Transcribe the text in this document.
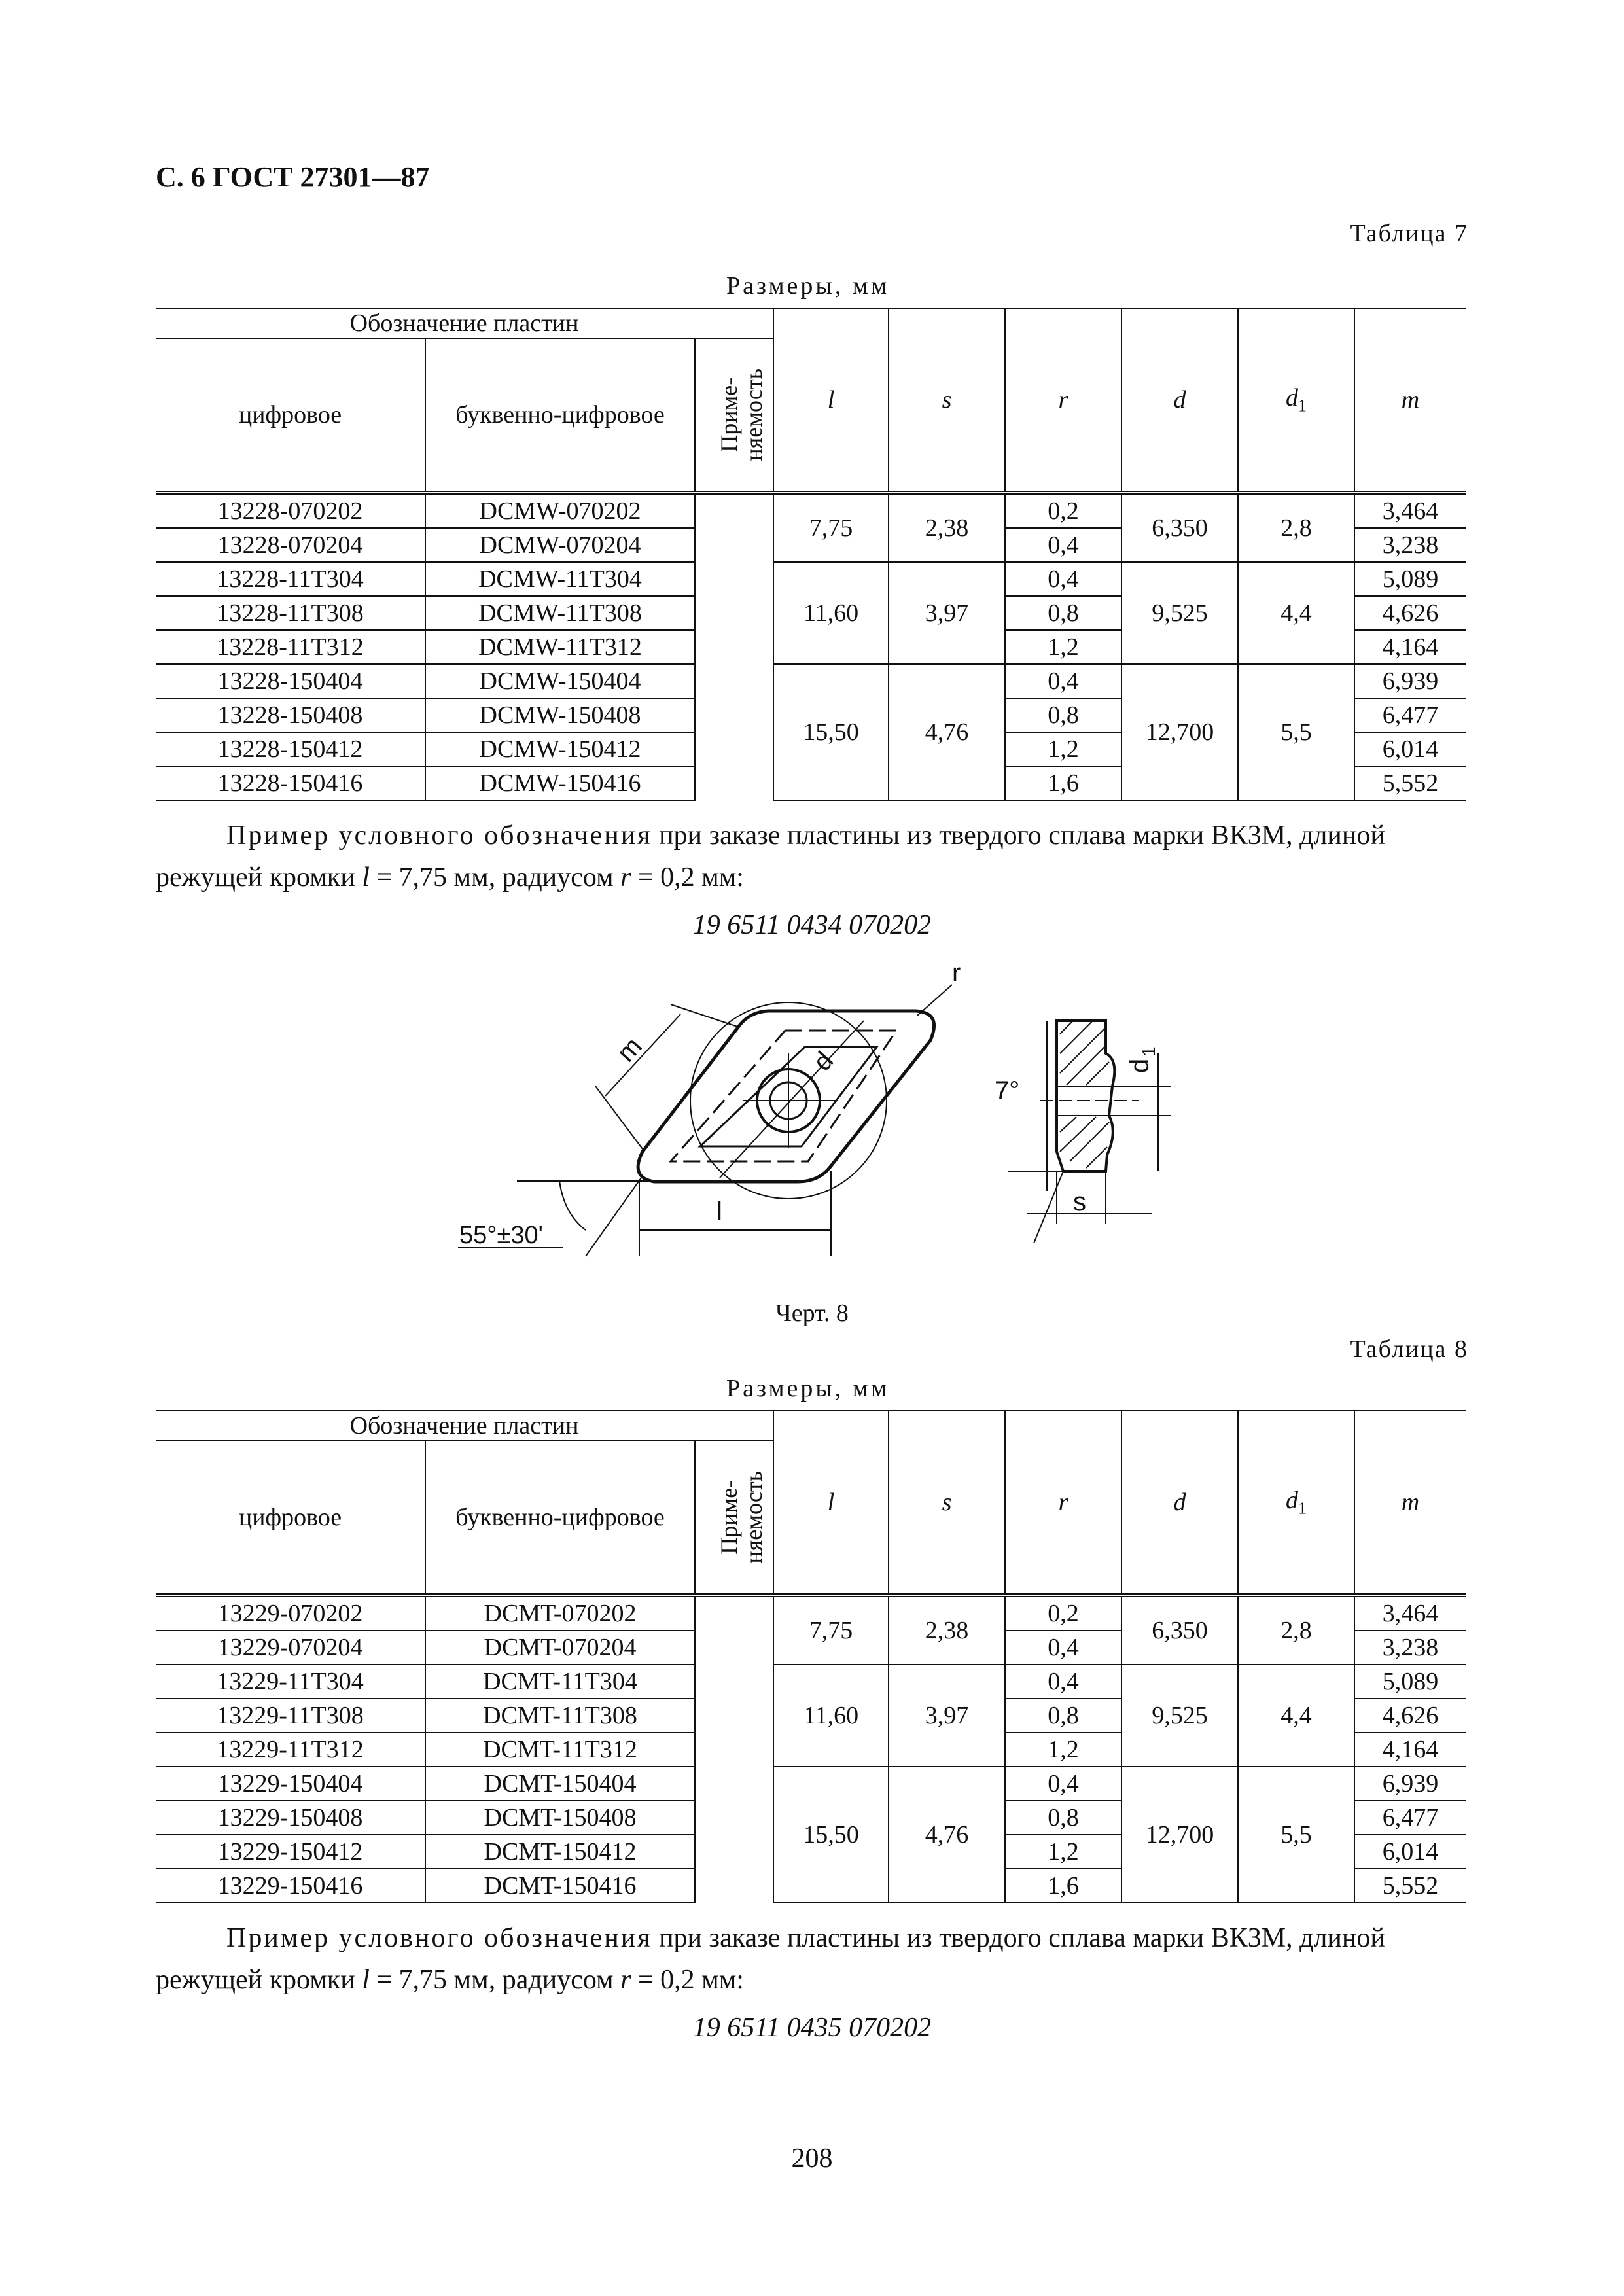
С. 6 ГОСТ 27301—87
Таблица 7
Размеры, мм
Обозначение пластин			l	s	r	d	$d_1$	m
цифровое	буквенно-цифровое	Приме-
няемость						
13228-070202	DCMW-070202		7,75	2,38	0,2	6,350	2,8	3,464
13228-070204	DCMW-070204				0,4			3,238
13228-11T304	DCMW-11T304		11,60	3,97	0,4	9,525	4,4	5,089
13228-11T308	DCMW-11T308				0,8			4,626
13228-11T312	DCMW-11T312				1,2			4,164
13228-150404	DCMW-150404		15,50	4,76	0,4	12,700	5,5	6,939
13228-150408	DCMW-150408				0,8			6,477
13228-150412	DCMW-150412				1,2			6,014
13228-150416	DCMW-150416				1,6			5,552
Пример условного обозначения при заказе пластины из твердого сплава марки ВК3М, длиной режущей кромки l = 7,75 мм, радиусом r = 0,2 мм:
19 6511 0434 070202
m	d
r
7°
l	s
55°±30'
d
1
Черт. 8
Таблица 8
Размеры, мм
Обозначение пластин			l	s	r	d	$d_1$	m
цифровое	буквенно-цифровое	Приме-
няемость						
13229-070202	DCMT-070202		7,75	2,38	0,2	6,350	2,8	3,464
13229-070204	DCMT-070204				0,4			3,238
13229-11T304	DCMT-11T304		11,60	3,97	0,4	9,525	4,4	5,089
13229-11T308	DCMT-11T308				0,8			4,626
13229-11T312	DCMT-11T312				1,2			4,164
13229-150404	DCMT-150404		15,50	4,76	0,4	12,700	5,5	6,939
13229-150408	DCMT-150408				0,8			6,477
13229-150412	DCMT-150412				1,2			6,014
13229-150416	DCMT-150416				1,6			5,552
Пример условного обозначения при заказе пластины из твердого сплава марки ВК3М, длиной режущей кромки l = 7,75 мм, радиусом r = 0,2 мм:
19 6511 0435 070202
208
